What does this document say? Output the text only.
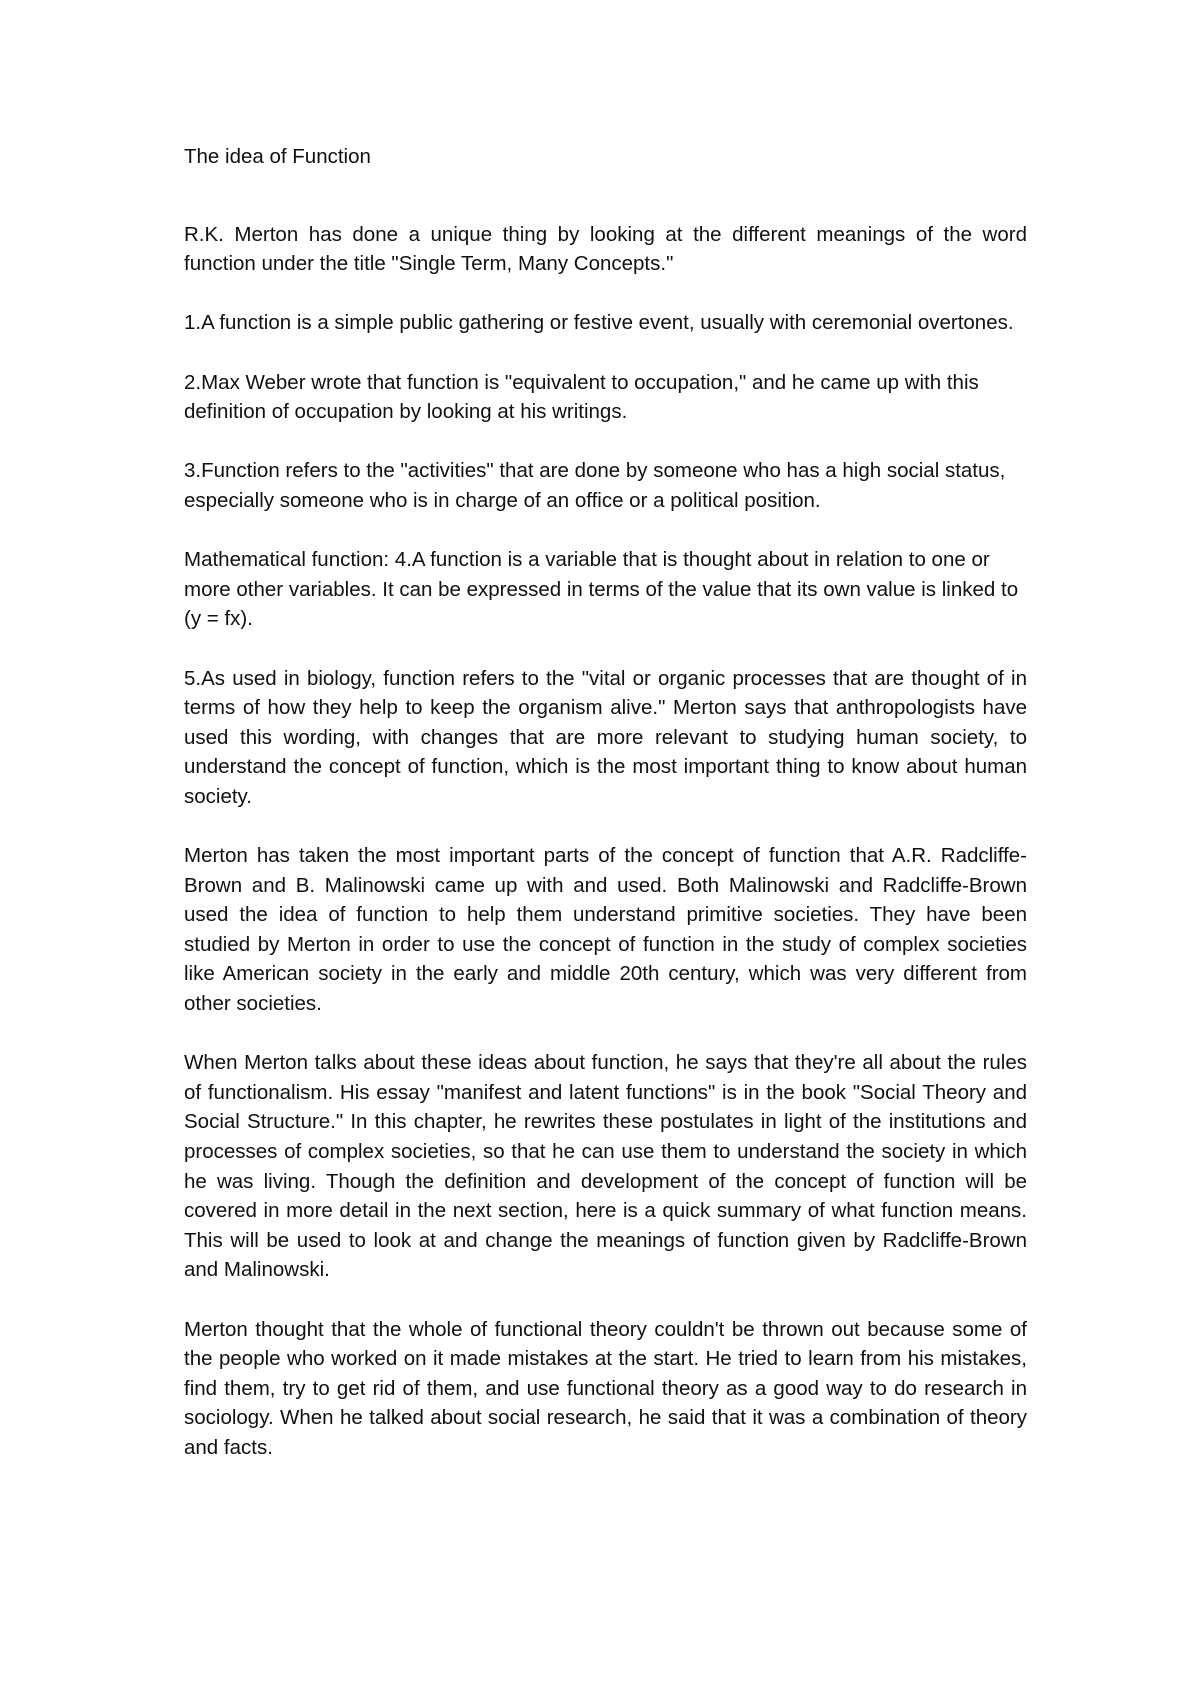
The idea of Function

R.K. Merton has done a unique thing by looking at the different meanings of the word function under the title "Single Term, Many Concepts."

1.A function is a simple public gathering or festive event, usually with ceremonial overtones.

2.Max Weber wrote that function is "equivalent to occupation," and he came up with this definition of occupation by looking at his writings.

3.Function refers to the "activities" that are done by someone who has a high social status, especially someone who is in charge of an office or a political position.

Mathematical function: 4.A function is a variable that is thought about in relation to one or more other variables. It can be expressed in terms of the value that its own value is linked to (y = fx).

5.As used in biology, function refers to the "vital or organic processes that are thought of in terms of how they help to keep the organism alive." Merton says that anthropologists have used this wording, with changes that are more relevant to studying human society, to understand the concept of function, which is the most important thing to know about human society.

Merton has taken the most important parts of the concept of function that A.R. Radcliffe-Brown and B. Malinowski came up with and used. Both Malinowski and Radcliffe-Brown used the idea of function to help them understand primitive societies. They have been studied by Merton in order to use the concept of function in the study of complex societies like American society in the early and middle 20th century, which was very different from other societies.

When Merton talks about these ideas about function, he says that they're all about the rules of functionalism. His essay "manifest and latent functions" is in the book "Social Theory and Social Structure." In this chapter, he rewrites these postulates in light of the institutions and processes of complex societies, so that he can use them to understand the society in which he was living. Though the definition and development of the concept of function will be covered in more detail in the next section, here is a quick summary of what function means. This will be used to look at and change the meanings of function given by Radcliffe-Brown and Malinowski.

Merton thought that the whole of functional theory couldn't be thrown out because some of the people who worked on it made mistakes at the start. He tried to learn from his mistakes, find them, try to get rid of them, and use functional theory as a good way to do research in sociology. When he talked about social research, he said that it was a combination of theory and facts.
